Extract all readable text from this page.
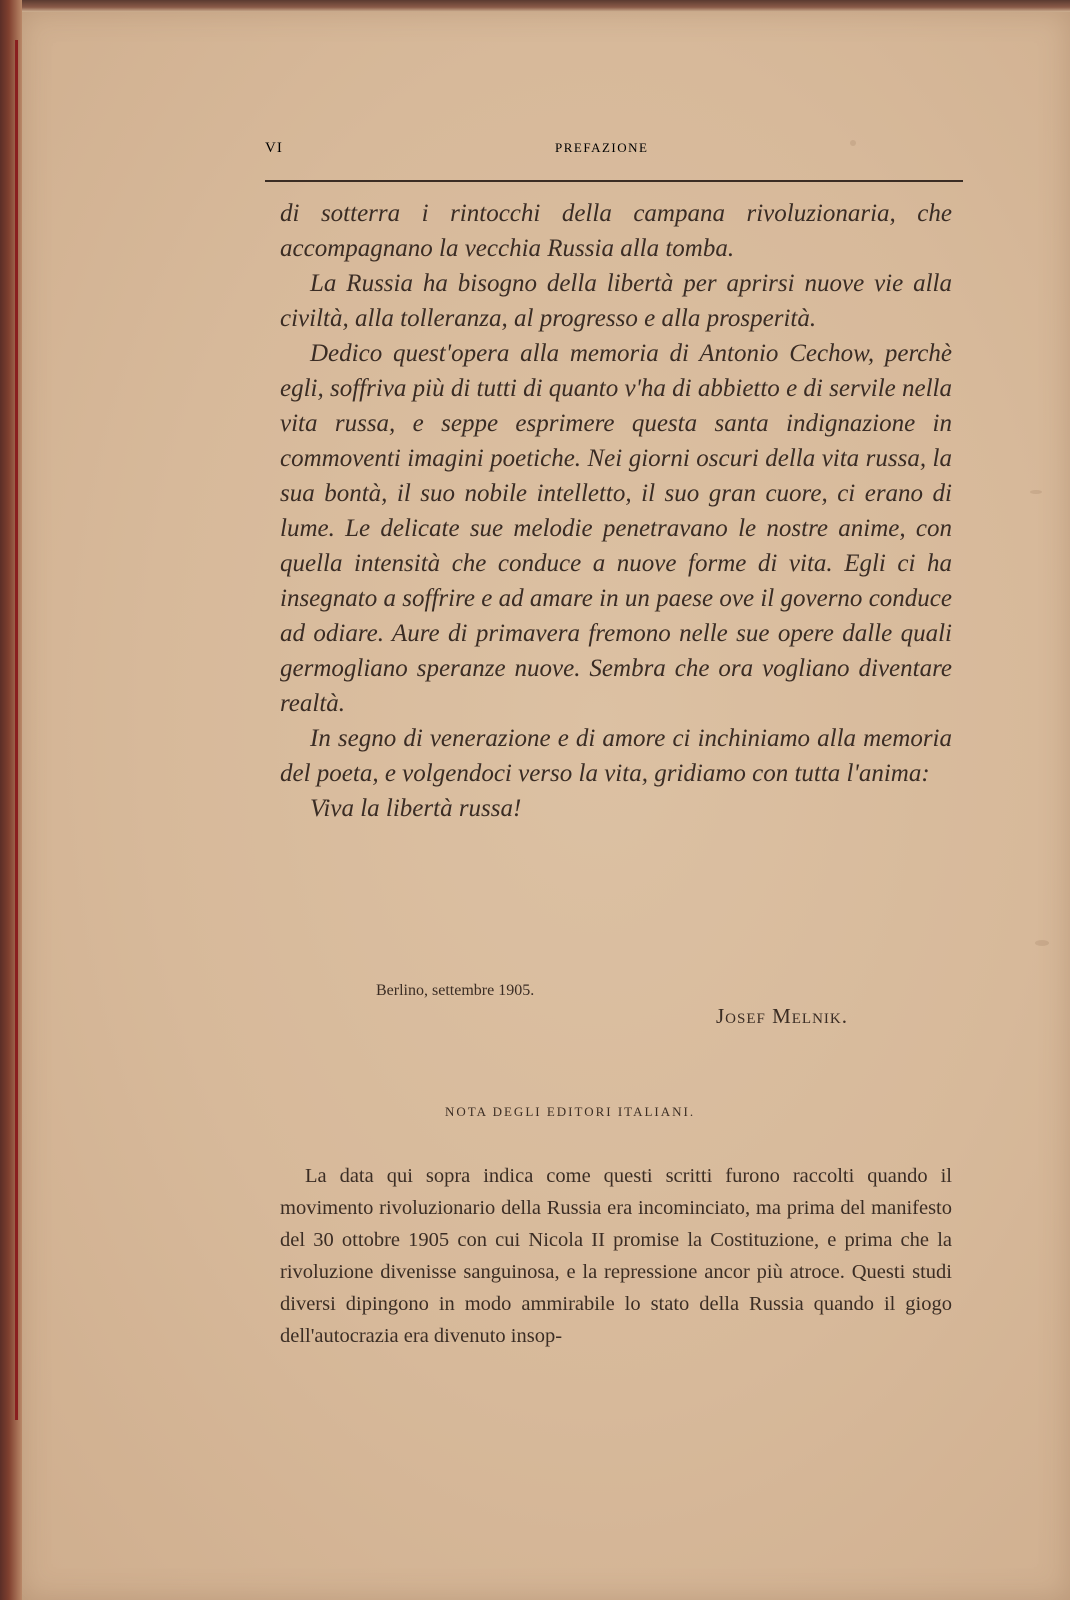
VI	PREFAZIONE

di sotterra i rintocchi della campana rivoluzionaria, che accompagnano la vecchia Russia alla tomba.

La Russia ha bisogno della libertà per aprirsi nuove vie alla civiltà, alla tolleranza, al progresso e alla prosperità.

Dedico quest'opera alla memoria di Antonio Cechow, perchè egli, soffriva più di tutti di quanto v'ha di abbietto e di servile nella vita russa, e seppe esprimere questa santa indignazione in commoventi imagini poetiche. Nei giorni oscuri della vita russa, la sua bontà, il suo nobile intelletto, il suo gran cuore, ci erano di lume. Le delicate sue melodie penetravano le nostre anime, con quella intensità che conduce a nuove forme di vita. Egli ci ha insegnato a soffrire e ad amare in un paese ove il governo conduce ad odiare. Aure di primavera fremono nelle sue opere dalle quali germogliano speranze nuove. Sembra che ora vogliano diventare realtà.

In segno di venerazione e di amore ci inchiniamo alla memoria del poeta, e volgendoci verso la vita, gridiamo con tutta l'anima:

Viva la libertà russa!

Berlino, settembre 1905.
Josef Melnik.
NOTA DEGLI EDITORI ITALIANI.

La data qui sopra indica come questi scritti furono raccolti quando il movimento rivoluzionario della Russia era incominciato, ma prima del manifesto del 30 ottobre 1905 con cui Nicola II promise la Costituzione, e prima che la rivoluzione divenisse sanguinosa, e la repressione ancor più atroce. Questi studi diversi dipingono in modo ammirabile lo stato della Russia quando il giogo dell'autocrazia era divenuto insop-
